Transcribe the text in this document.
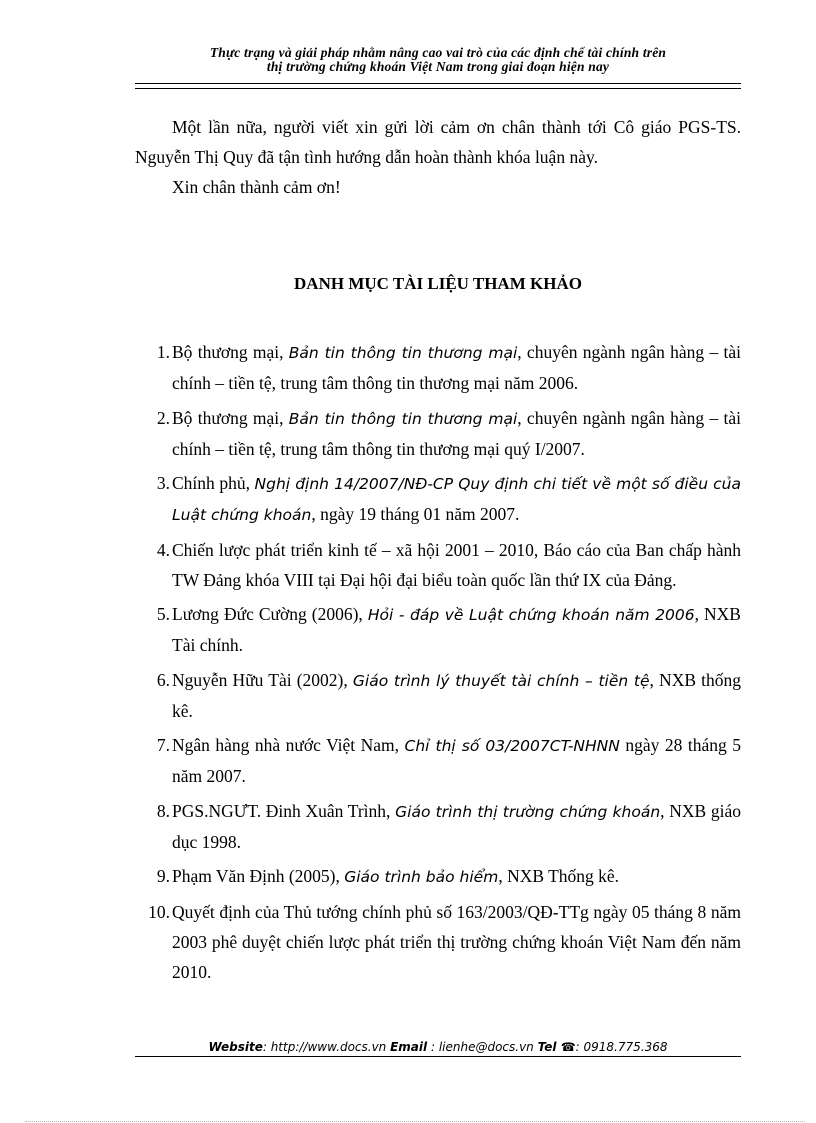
Thực trạng và giải pháp nhằm nâng cao vai trò của các định chế tài chính trên
thị trường chứng khoán Việt Nam trong giai đoạn hiện nay

Một lần nữa, người viết xin gửi lời cảm ơn chân thành tới Cô giáo PGS-TS. Nguyễn Thị Quy đã tận tình hướng dẫn hoàn thành khóa luận này.

Xin chân thành cảm ơn!

DANH MỤC TÀI LIỆU THAM KHẢO
1. Bộ thương mại, Bản tin thông tin thương mại, chuyên ngành ngân hàng – tài chính – tiền tệ, trung tâm thông tin thương mại năm 2006.
2. Bộ thương mại, Bản tin thông tin thương mại, chuyên ngành ngân hàng – tài chính – tiền tệ, trung tâm thông tin thương mại quý I/2007.
3. Chính phủ, Nghị định 14/2007/NĐ-CP Quy định chi tiết về một số điều của Luật chứng khoán, ngày 19 tháng 01 năm 2007.
4. Chiến lược phát triển kinh tế – xã hội 2001 – 2010, Báo cáo của Ban chấp hành TW Đảng khóa VIII tại Đại hội đại biểu toàn quốc lần thứ IX của Đảng.
5. Lương Đức Cường (2006), Hỏi - đáp về Luật chứng khoán năm 2006, NXB Tài chính.
6. Nguyễn Hữu Tài (2002), Giáo trình lý thuyết tài chính – tiền tệ, NXB thống kê.
7. Ngân hàng nhà nước Việt Nam, Chỉ thị số 03/2007CT-NHNN ngày 28 tháng 5 năm 2007.
8. PGS.NGƯT. Đinh Xuân Trình, Giáo trình thị trường chứng khoán, NXB giáo dục 1998.
9. Phạm Văn Định (2005), Giáo trình bảo hiểm, NXB Thống kê.
10. Quyết định của Thủ tướng chính phủ số 163/2003/QĐ-TTg ngày 05 tháng 8 năm 2003 phê duyệt chiến lược phát triển thị trường chứng khoán Việt Nam đến năm 2010.
Website: http://www.docs.vn Email : lienhe@docs.vn Tel ☎: 0918.775.368
